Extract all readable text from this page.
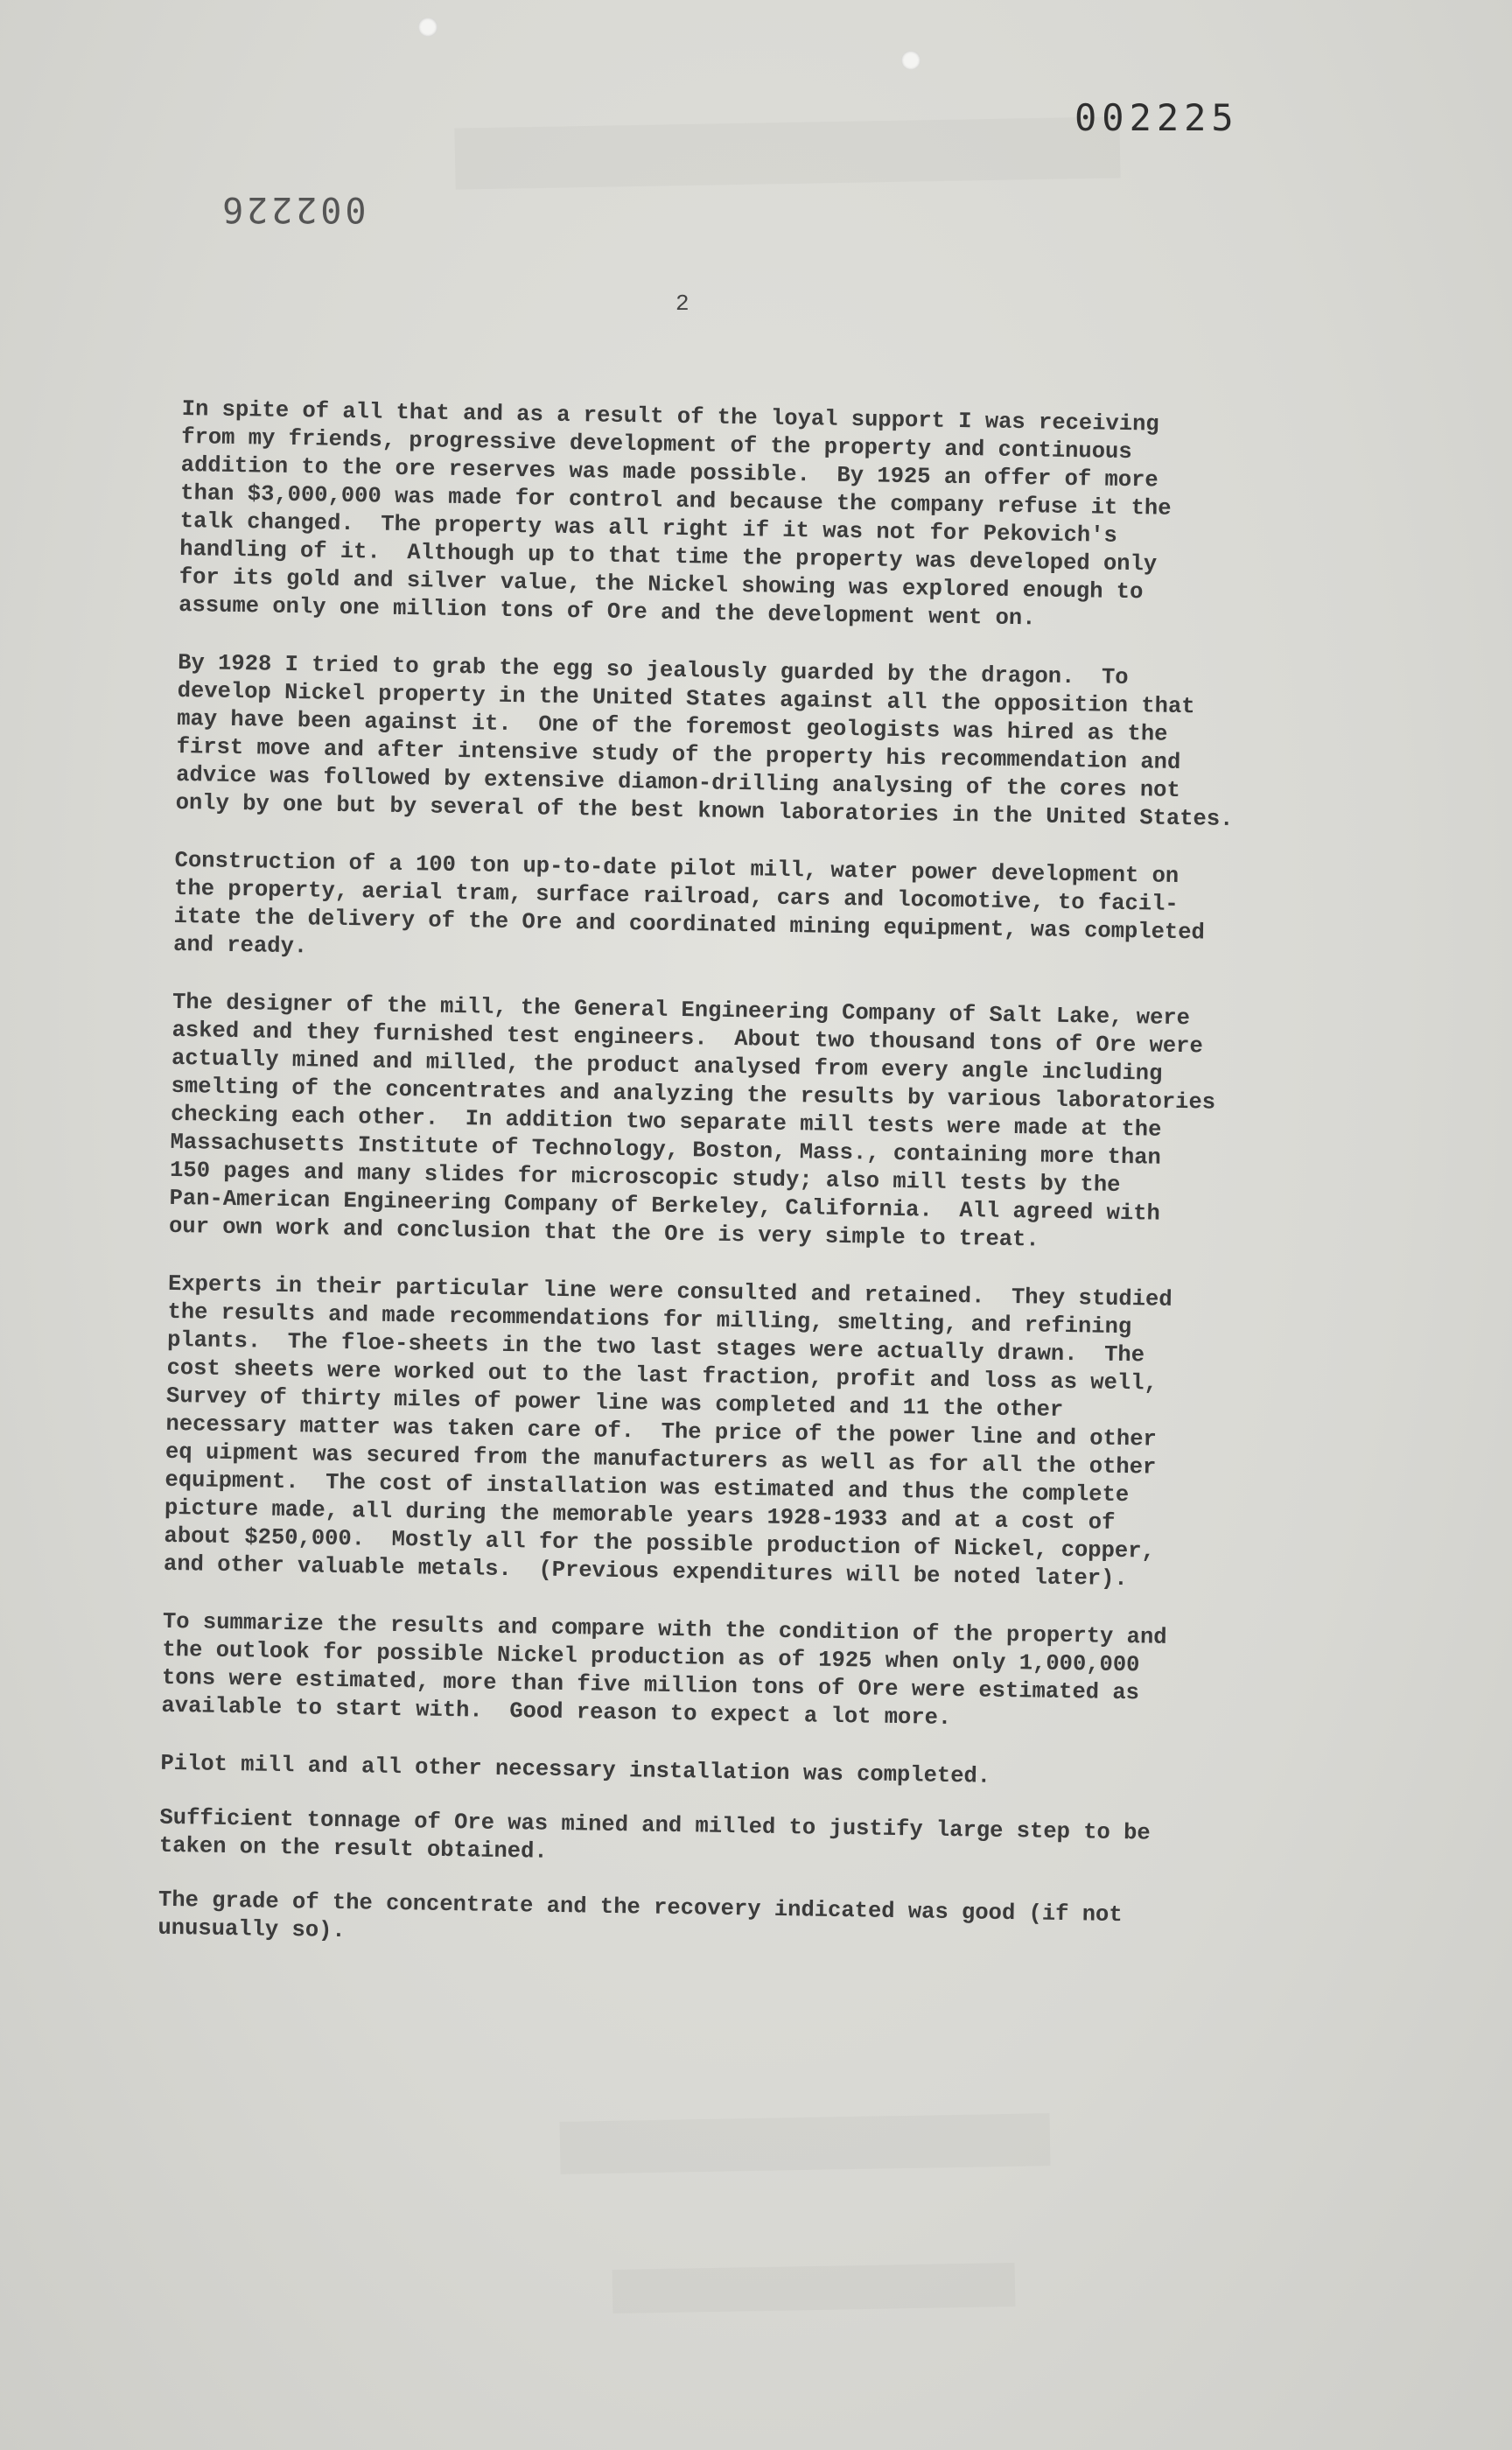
002225
002226
2

In spite of all that and as a result of the loyal support I was receiving
from my friends, progressive development of the property and continuous
addition to the ore reserves was made possible.  By 1925 an offer of more
than $3,000,000 was made for control and because the company refuse it the
talk changed.  The property was all right if it was not for Pekovich's
handling of it.  Although up to that time the property was developed only
for its gold and silver value, the Nickel showing was explored enough to
assume only one million tons of Ore and the development went on.

By 1928 I tried to grab the egg so jealously guarded by the dragon.  To
develop Nickel property in the United States against all the opposition that
may have been against it.  One of the foremost geologists was hired as the
first move and after intensive study of the property his recommendation and
advice was followed by extensive diamon-drilling analysing of the cores not
only by one but by several of the best known laboratories in the United States.

Construction of a 100 ton up-to-date pilot mill, water power development on
the property, aerial tram, surface railroad, cars and locomotive, to facil-
itate the delivery of the Ore and coordinated mining equipment, was completed
and ready.

The designer of the mill, the General Engineering Company of Salt Lake, were
asked and they furnished test engineers.  About two thousand tons of Ore were
actually mined and milled, the product analysed from every angle including
smelting of the concentrates and analyzing the results by various laboratories
checking each other.  In addition two separate mill tests were made at the
Massachusetts Institute of Technology, Boston, Mass., containing more than
150 pages and many slides for microscopic study; also mill tests by the
Pan-American Engineering Company of Berkeley, California.  All agreed with
our own work and conclusion that the Ore is very simple to treat.

Experts in their particular line were consulted and retained.  They studied
the results and made recommendations for milling, smelting, and refining
plants.  The floe-sheets in the two last stages were actually drawn.  The
cost sheets were worked out to the last fraction, profit and loss as well,
Survey of thirty miles of power line was completed and 11 the other
necessary matter was taken care of.  The price of the power line and other
eq uipment was secured from the manufacturers as well as for all the other
equipment.  The cost of installation was estimated and thus the complete
picture made, all during the memorable years 1928-1933 and at a cost of
about $250,000.  Mostly all for the possible production of Nickel, copper,
and other valuable metals.  (Previous expenditures will be noted later).

To summarize the results and compare with the condition of the property and
the outlook for possible Nickel production as of 1925 when only 1,000,000
tons were estimated, more than five million tons of Ore were estimated as
available to start with.  Good reason to expect a lot more.

Pilot mill and all other necessary installation was completed.

Sufficient tonnage of Ore was mined and milled to justify large step to be
taken on the result obtained.

The grade of the concentrate and the recovery indicated was good (if not
unusually so).
